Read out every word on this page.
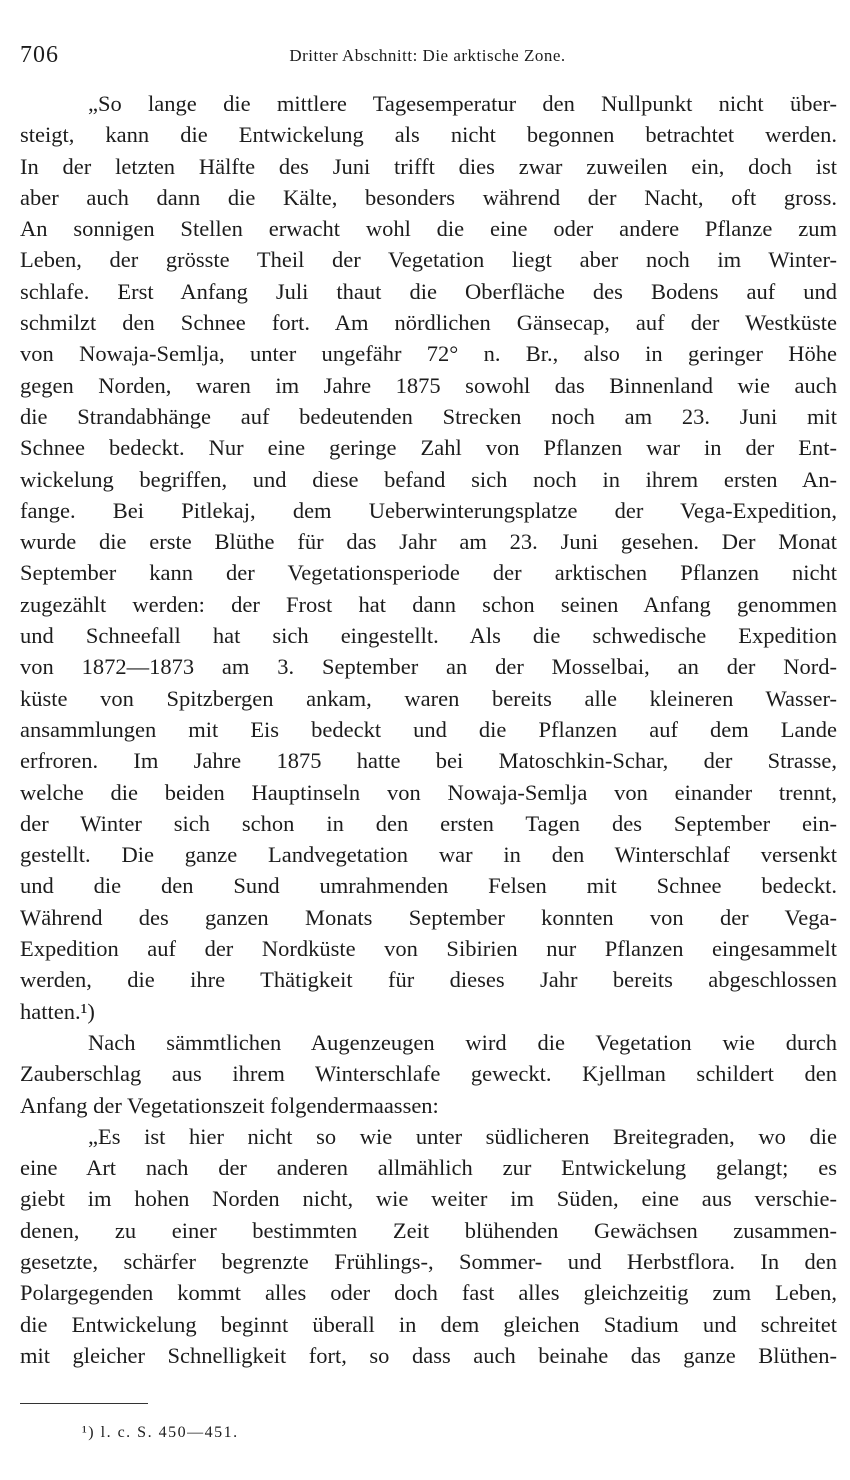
706	Dritter Abschnitt: Die arktische Zone.
„So lange die mittlere Tagesemperatur den Nullpunkt nicht über-
steigt, kann die Entwickelung als nicht begonnen betrachtet werden.
In der letzten Hälfte des Juni trifft dies zwar zuweilen ein, doch ist
aber auch dann die Kälte, besonders während der Nacht, oft gross.
An sonnigen Stellen erwacht wohl die eine oder andere Pflanze zum
Leben, der grösste Theil der Vegetation liegt aber noch im Winter-
schlafe. Erst Anfang Juli thaut die Oberfläche des Bodens auf und
schmilzt den Schnee fort. Am nördlichen Gänsecap, auf der Westküste
von Nowaja-Semlja, unter ungefähr 72° n. Br., also in geringer Höhe
gegen Norden, waren im Jahre 1875 sowohl das Binnenland wie auch
die Strandabhänge auf bedeutenden Strecken noch am 23. Juni mit
Schnee bedeckt. Nur eine geringe Zahl von Pflanzen war in der Ent-
wickelung begriffen, und diese befand sich noch in ihrem ersten An-
fange. Bei Pitlekaj, dem Ueberwinterungsplatze der Vega-Expedition,
wurde die erste Blüthe für das Jahr am 23. Juni gesehen. Der Monat
September kann der Vegetationsperiode der arktischen Pflanzen nicht
zugezählt werden: der Frost hat dann schon seinen Anfang genommen
und Schneefall hat sich eingestellt. Als die schwedische Expedition
von 1872—1873 am 3. September an der Mosselbai, an der Nord-
küste von Spitzbergen ankam, waren bereits alle kleineren Wasser-
ansammlungen mit Eis bedeckt und die Pflanzen auf dem Lande
erfroren. Im Jahre 1875 hatte bei Matoschkin-Schar, der Strasse,
welche die beiden Hauptinseln von Nowaja-Semlja von einander trennt,
der Winter sich schon in den ersten Tagen des September ein-
gestellt. Die ganze Landvegetation war in den Winterschlaf versenkt
und die den Sund umrahmenden Felsen mit Schnee bedeckt.
Während des ganzen Monats September konnten von der Vega-
Expedition auf der Nordküste von Sibirien nur Pflanzen eingesammelt
werden, die ihre Thätigkeit für dieses Jahr bereits abgeschlossen
hatten.¹)
Nach sämmtlichen Augenzeugen wird die Vegetation wie durch
Zauberschlag aus ihrem Winterschlafe geweckt. Kjellman schildert den
Anfang der Vegetationszeit folgendermaassen:
„Es ist hier nicht so wie unter südlicheren Breitegraden, wo die
eine Art nach der anderen allmählich zur Entwickelung gelangt; es
giebt im hohen Norden nicht, wie weiter im Süden, eine aus verschie-
denen, zu einer bestimmten Zeit blühenden Gewächsen zusammen-
gesetzte, schärfer begrenzte Frühlings-, Sommer- und Herbstflora. In den
Polargegenden kommt alles oder doch fast alles gleichzeitig zum Leben,
die Entwickelung beginnt überall in dem gleichen Stadium und schreitet
mit gleicher Schnelligkeit fort, so dass auch beinahe das ganze Blüthen-
¹) l. c. S. 450—451.
